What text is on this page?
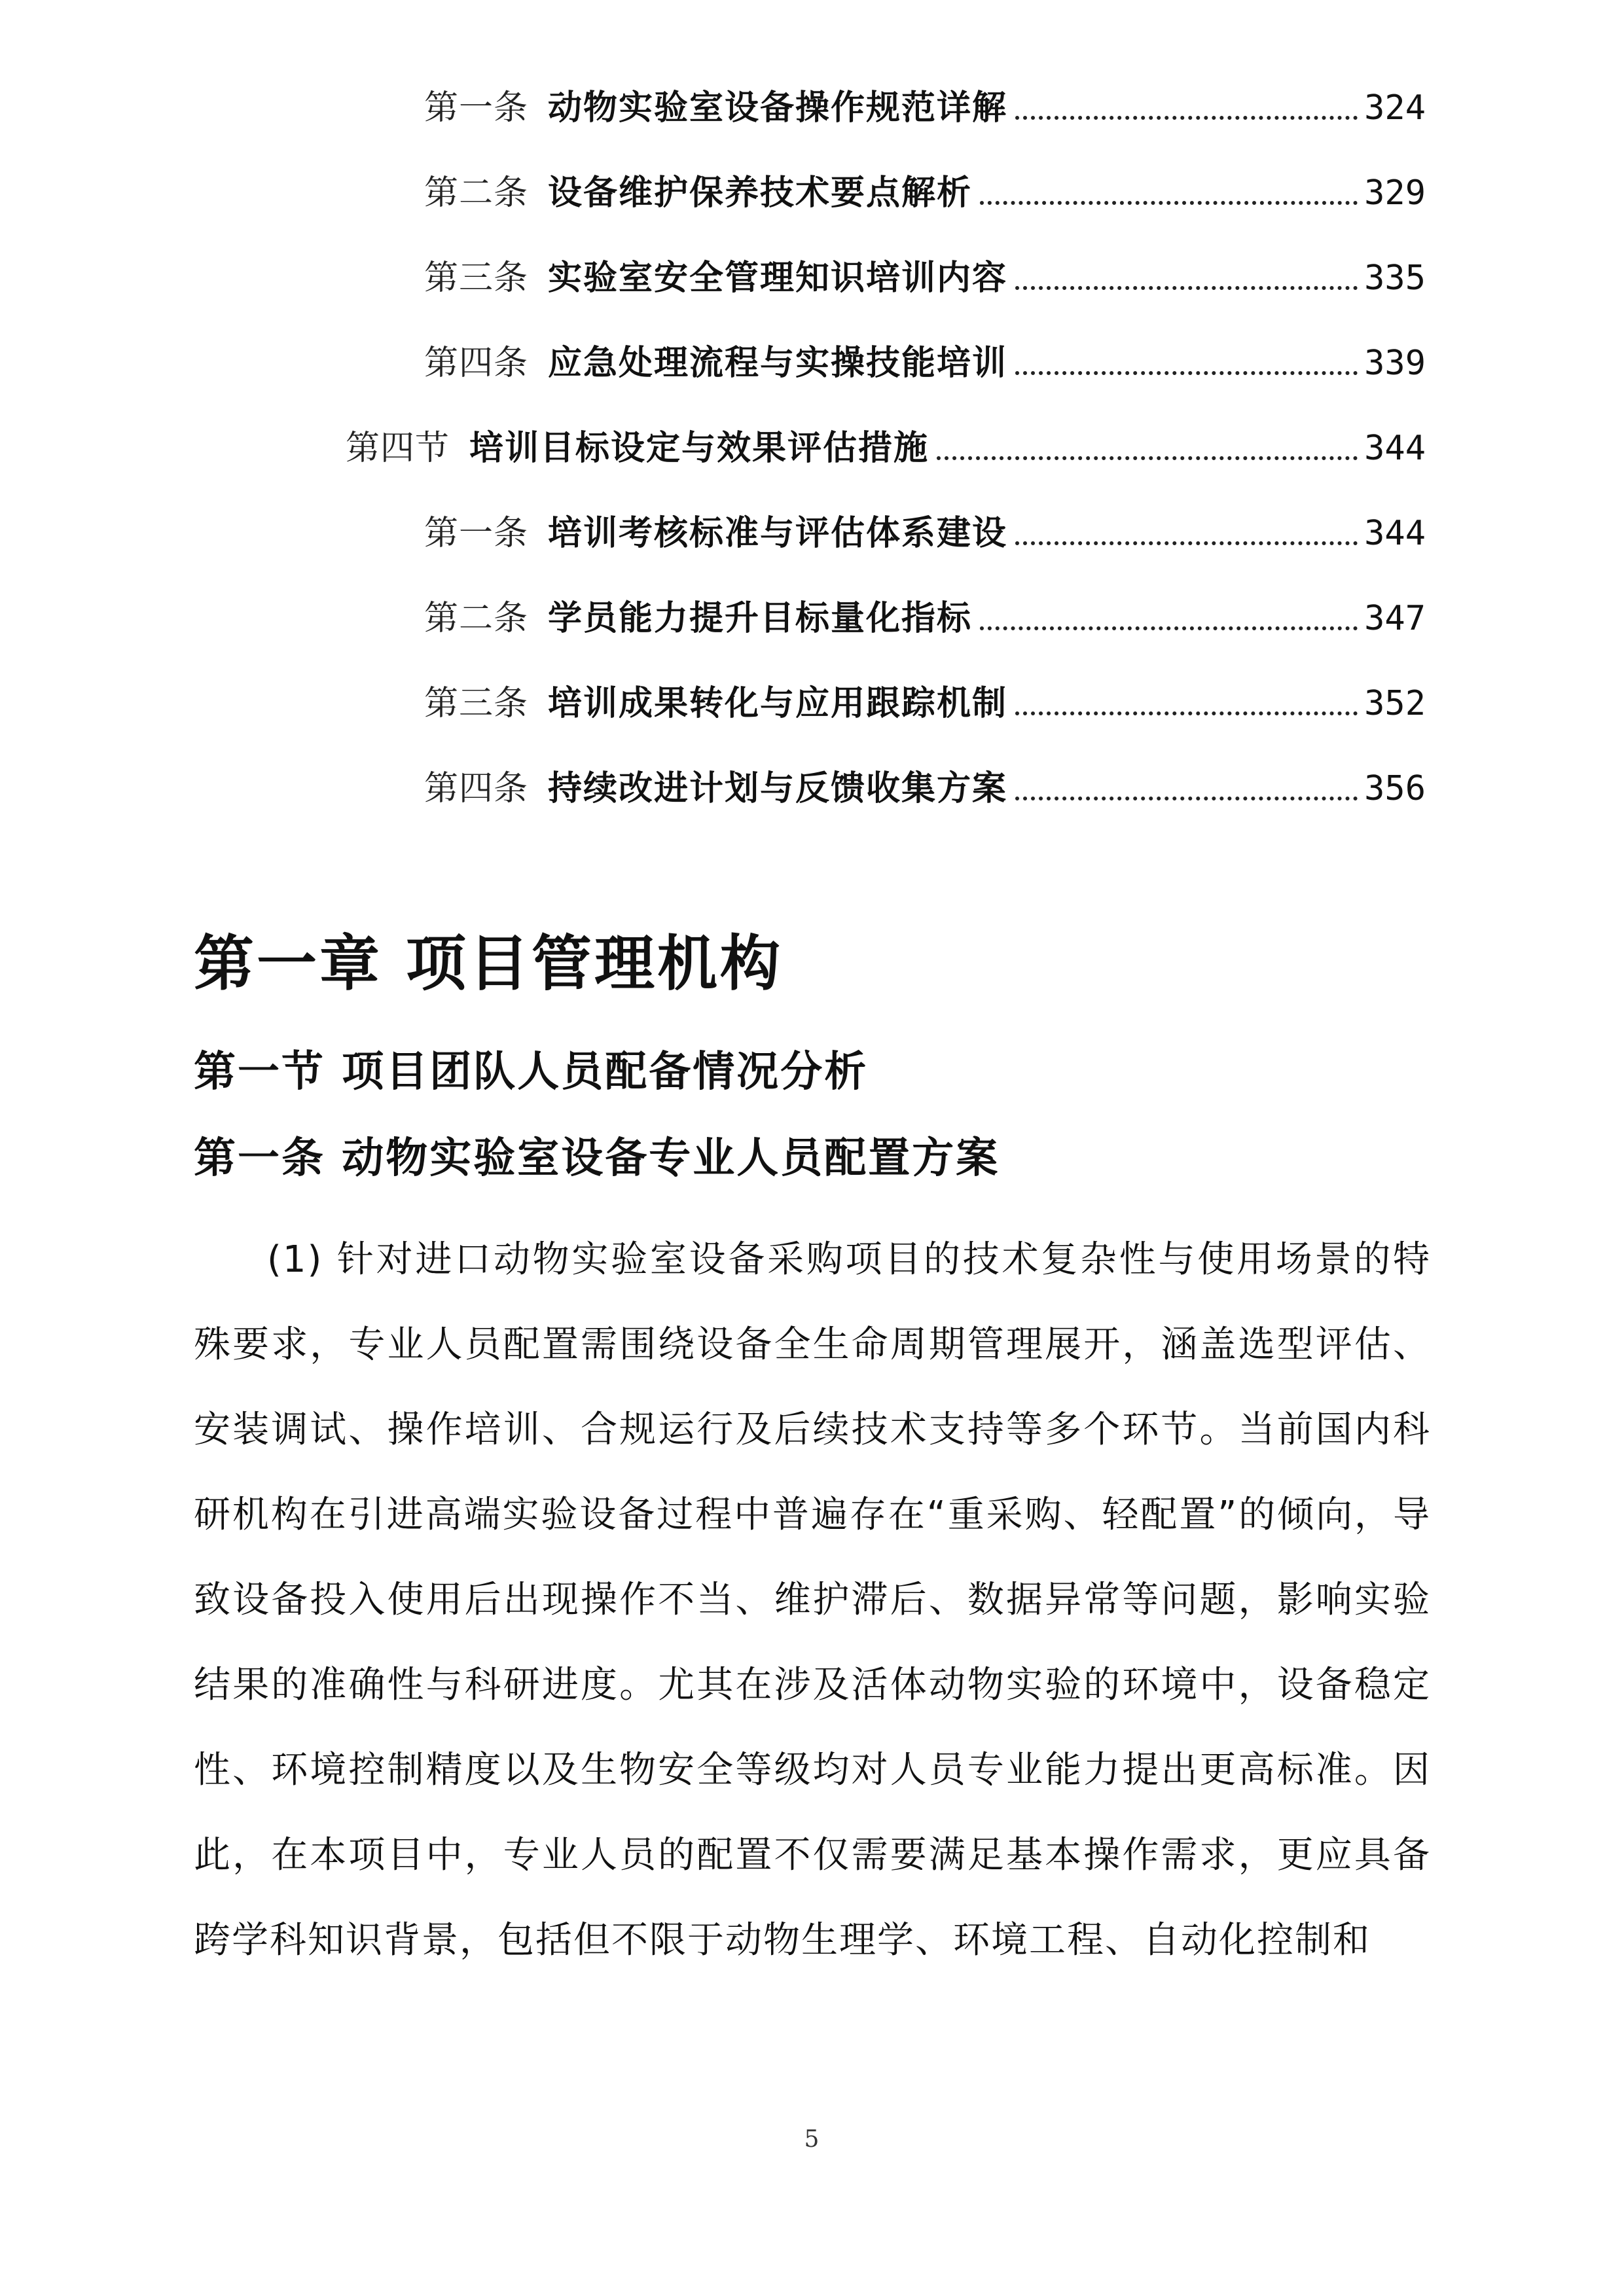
第一条 动物实验室设备操作规范详解	324
第二条 设备维护保养技术要点解析	329
第三条 实验室安全管理知识培训内容	335
第四条 应急处理流程与实操技能培训	339
第四节 培训目标设定与效果评估措施	344
第一条 培训考核标准与评估体系建设	344
第二条 学员能力提升目标量化指标	347
第三条 培训成果转化与应用跟踪机制	352
第四条 持续改进计划与反馈收集方案	356
第一章 项目管理机构
第一节 项目团队人员配备情况分析
第一条 动物实验室设备专业人员配置方案

(1) 针对进口动物实验室设备采购项目的技术复杂性与使用场景的特殊要求，专业人员配置需围绕设备全生命周期管理展开，涵盖选型评估、安装调试、操作培训、合规运行及后续技术支持等多个环节。当前国内科研机构在引进高端实验设备过程中普遍存在“重采购、轻配置”的倾向，导致设备投入使用后出现操作不当、维护滞后、数据异常等问题，影响实验结果的准确性与科研进度。尤其在涉及活体动物实验的环境中，设备稳定性、环境控制精度以及生物安全等级均对人员专业能力提出更高标准。因此，在本项目中，专业人员的配置不仅需要满足基本操作需求，更应具备跨学科知识背景，包括但不限于动物生理学、环境工程、自动化控制和

5
